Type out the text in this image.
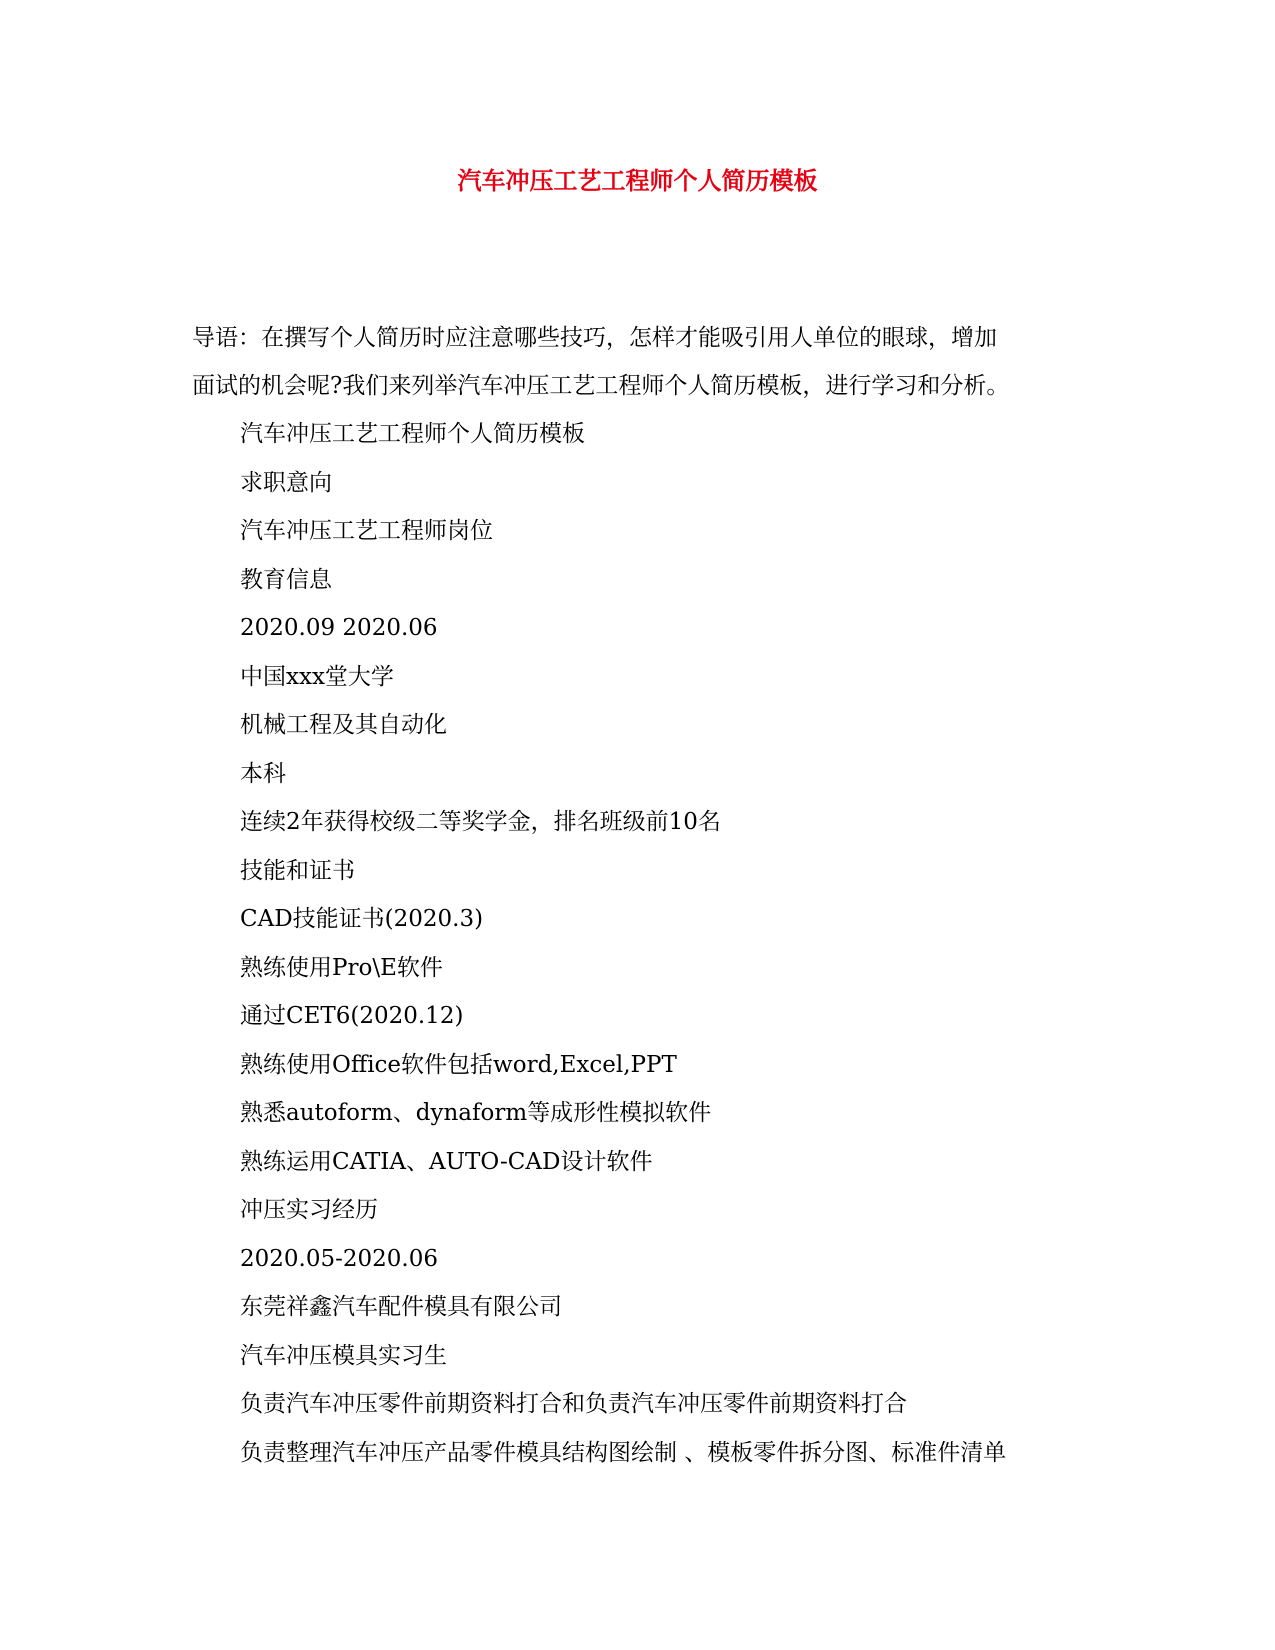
汽车冲压工艺工程师个人简历模板

导语：在撰写个人简历时应注意哪些技巧，怎样才能吸引用人单位的眼球，增加

面试的机会呢?我们来列举汽车冲压工艺工程师个人简历模板，进行学习和分析。

汽车冲压工艺工程师个人简历模板

求职意向

汽车冲压工艺工程师岗位

教育信息

2020.09 2020.06

中国xxx堂大学

机械工程及其自动化

本科

连续2年获得校级二等奖学金，排名班级前10名

技能和证书

CAD技能证书(2020.3)

熟练使用Pro\E软件

通过CET6(2020.12)

熟练使用Office软件包括word,Excel,PPT

熟悉autoform、dynaform等成形性模拟软件

熟练运用CATIA、AUTO-CAD设计软件

冲压实习经历

2020.05-2020.06

东莞祥鑫汽车配件模具有限公司

汽车冲压模具实习生

负责汽车冲压零件前期资料打合和负责汽车冲压零件前期资料打合

负责整理汽车冲压产品零件模具结构图绘制 、模板零件拆分图、标准件清单
